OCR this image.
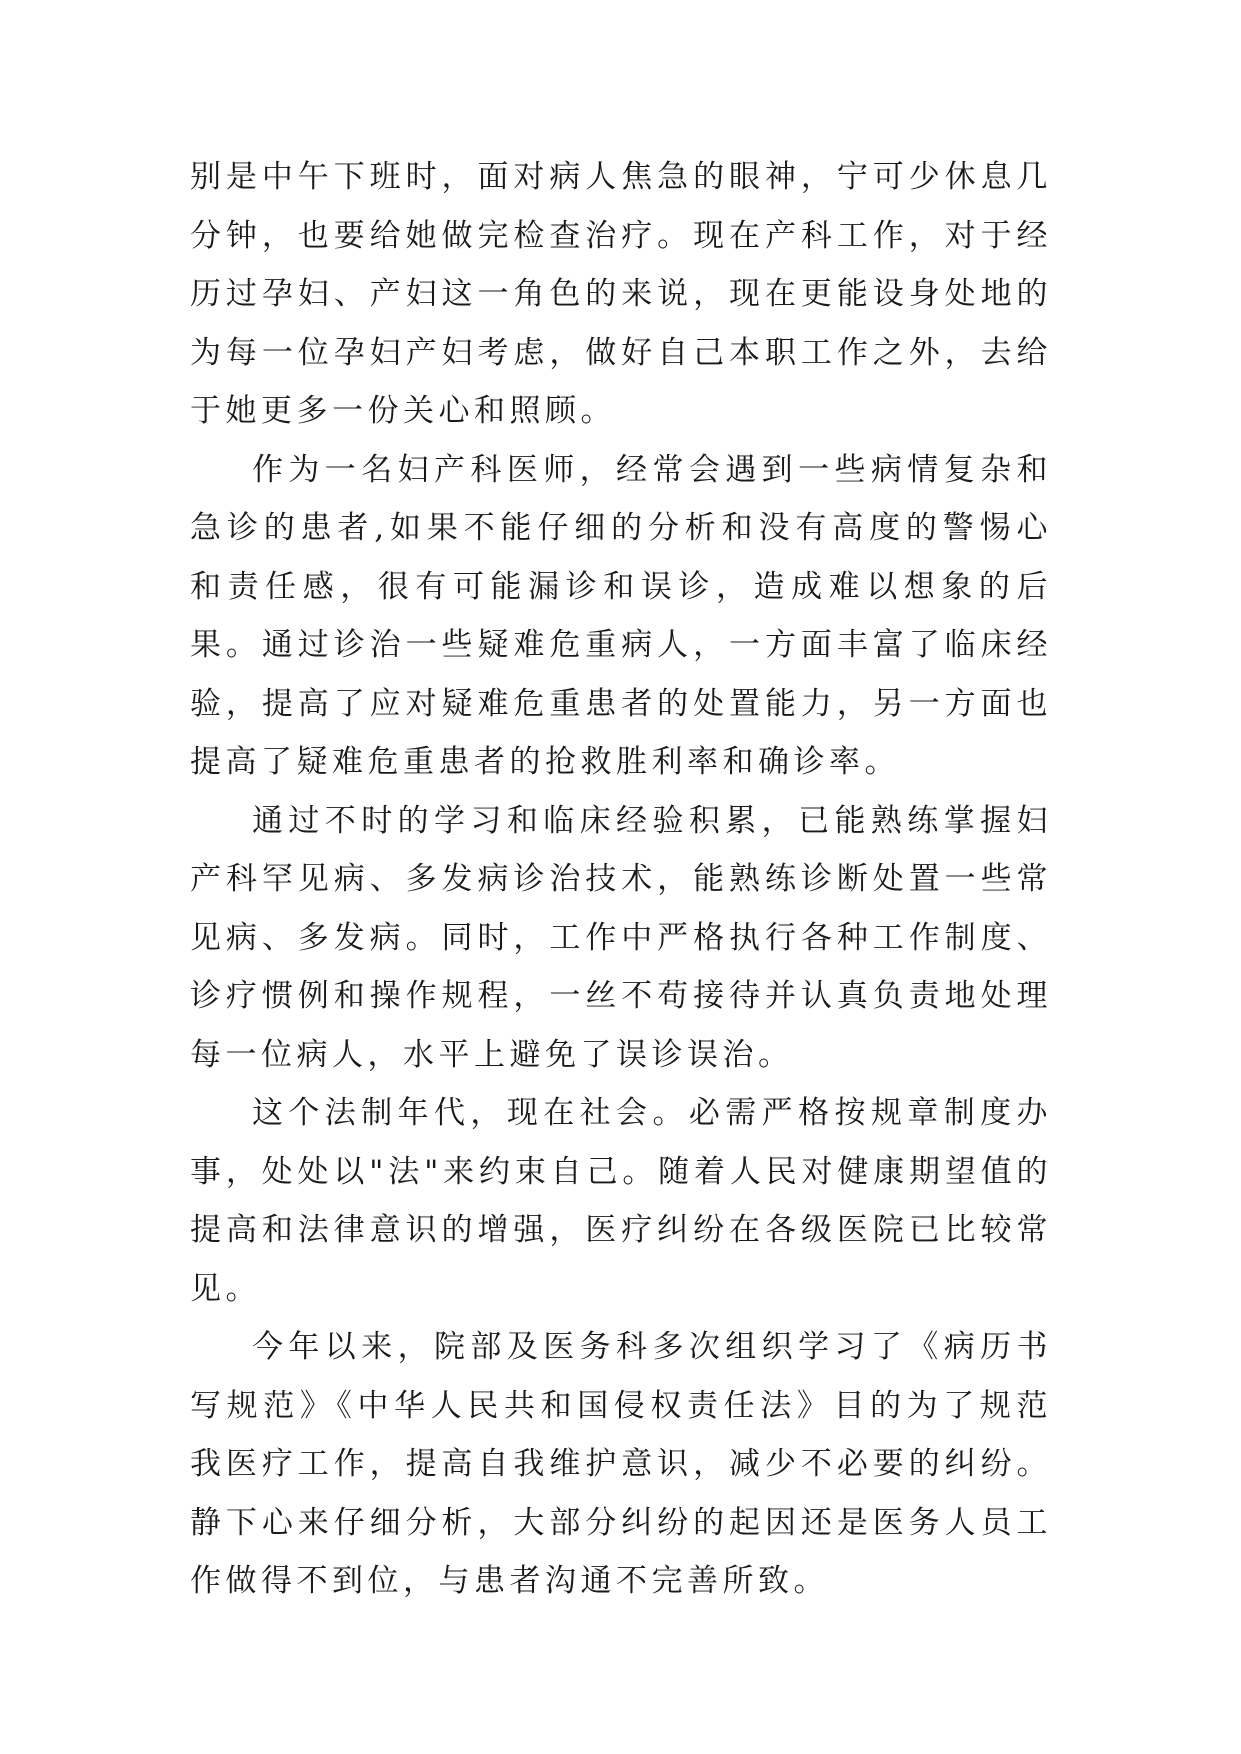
别是中午下班时，面对病人焦急的眼神，宁可少休息几分钟，也要给她做完检查治疗。现在产科工作，对于经历过孕妇、产妇这一角色的来说，现在更能设身处地的为每一位孕妇产妇考虑，做好自己本职工作之外，去给于她更多一份关心和照顾。

作为一名妇产科医师，经常会遇到一些病情复杂和急诊的患者,如果不能仔细的分析和没有高度的警惕心和责任感，很有可能漏诊和误诊，造成难以想象的后果。通过诊治一些疑难危重病人，一方面丰富了临床经验，提高了应对疑难危重患者的处置能力，另一方面也提高了疑难危重患者的抢救胜利率和确诊率。

通过不时的学习和临床经验积累，已能熟练掌握妇产科罕见病、多发病诊治技术，能熟练诊断处置一些常见病、多发病。同时，工作中严格执行各种工作制度、诊疗惯例和操作规程，一丝不苟接待并认真负责地处理每一位病人，水平上避免了误诊误治。

这个法制年代，现在社会。必需严格按规章制度办事，处处以"法"来约束自己。随着人民对健康期望值的提高和法律意识的增强，医疗纠纷在各级医院已比较常见。

今年以来，院部及医务科多次组织学习了《病历书写规范》《中华人民共和国侵权责任法》目的为了规范我医疗工作，提高自我维护意识，减少不必要的纠纷。静下心来仔细分析，大部分纠纷的起因还是医务人员工作做得不到位，与患者沟通不完善所致。
